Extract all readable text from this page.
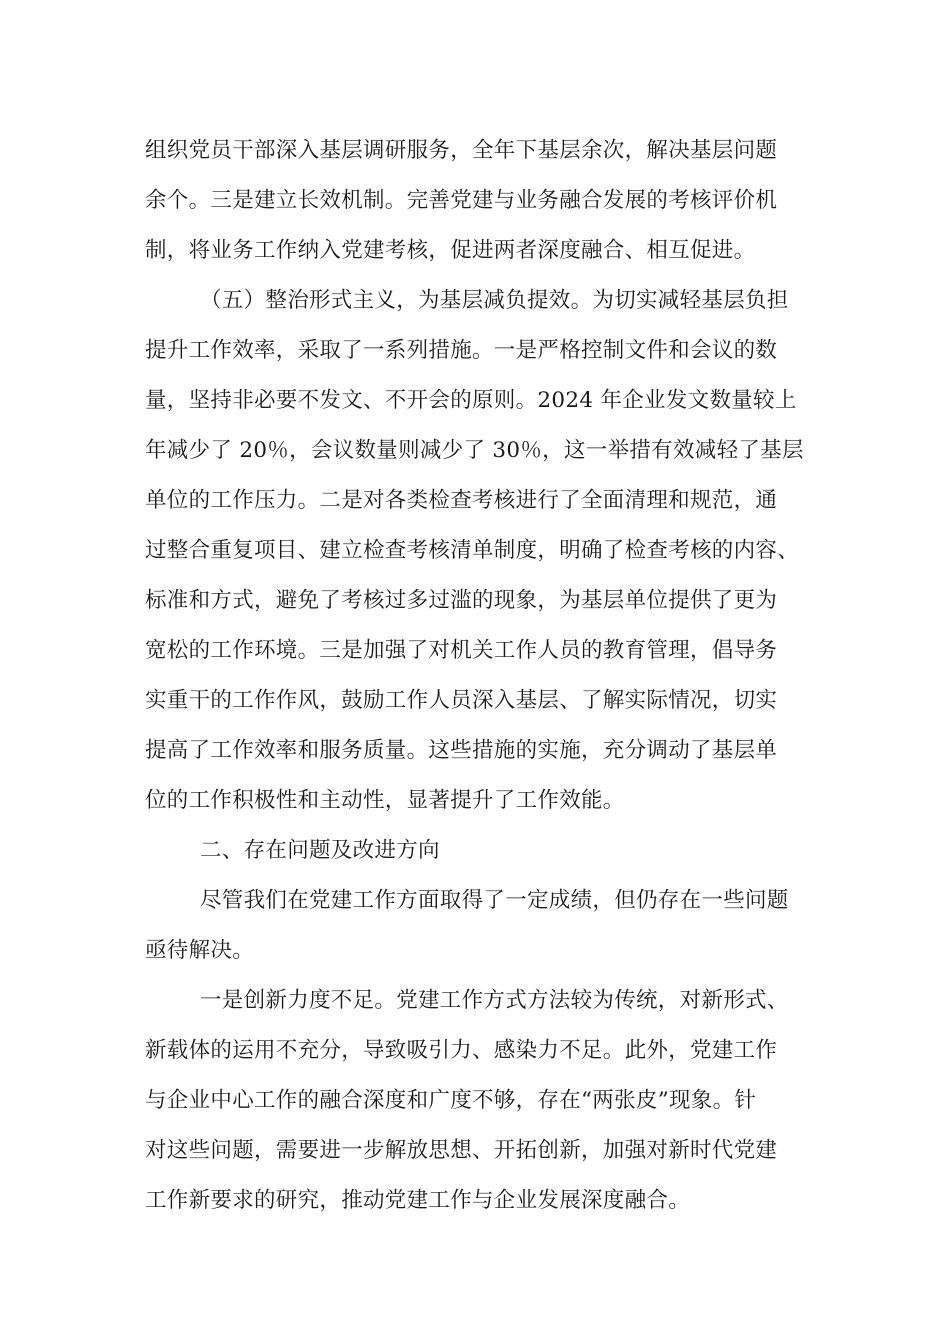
组织党员干部深入基层调研服务，全年下基层余次，解决基层问题
余个。三是建立长效机制。完善党建与业务融合发展的考核评价机
制，将业务工作纳入党建考核，促进两者深度融合、相互促进。
（五）整治形式主义，为基层减负提效。为切实减轻基层负担
提升工作效率，采取了一系列措施。一是严格控制文件和会议的数
量，坚持非必要不发文、不开会的原则。2024 年企业发文数量较上
年减少了 20％，会议数量则减少了 30％，这一举措有效减轻了基层
单位的工作压力。二是对各类检查考核进行了全面清理和规范，通
过整合重复项目、建立检查考核清单制度，明确了检查考核的内容、
标准和方式，避免了考核过多过滥的现象，为基层单位提供了更为
宽松的工作环境。三是加强了对机关工作人员的教育管理，倡导务
实重干的工作作风，鼓励工作人员深入基层、了解实际情况，切实
提高了工作效率和服务质量。这些措施的实施，充分调动了基层单
位的工作积极性和主动性，显著提升了工作效能。
二、存在问题及改进方向
尽管我们在党建工作方面取得了一定成绩，但仍存在一些问题
亟待解决。
一是创新力度不足。党建工作方式方法较为传统，对新形式、
新载体的运用不充分，导致吸引力、感染力不足。此外，党建工作
与企业中心工作的融合深度和广度不够，存在“两张皮”现象。针
对这些问题，需要进一步解放思想、开拓创新，加强对新时代党建
工作新要求的研究，推动党建工作与企业发展深度融合。
